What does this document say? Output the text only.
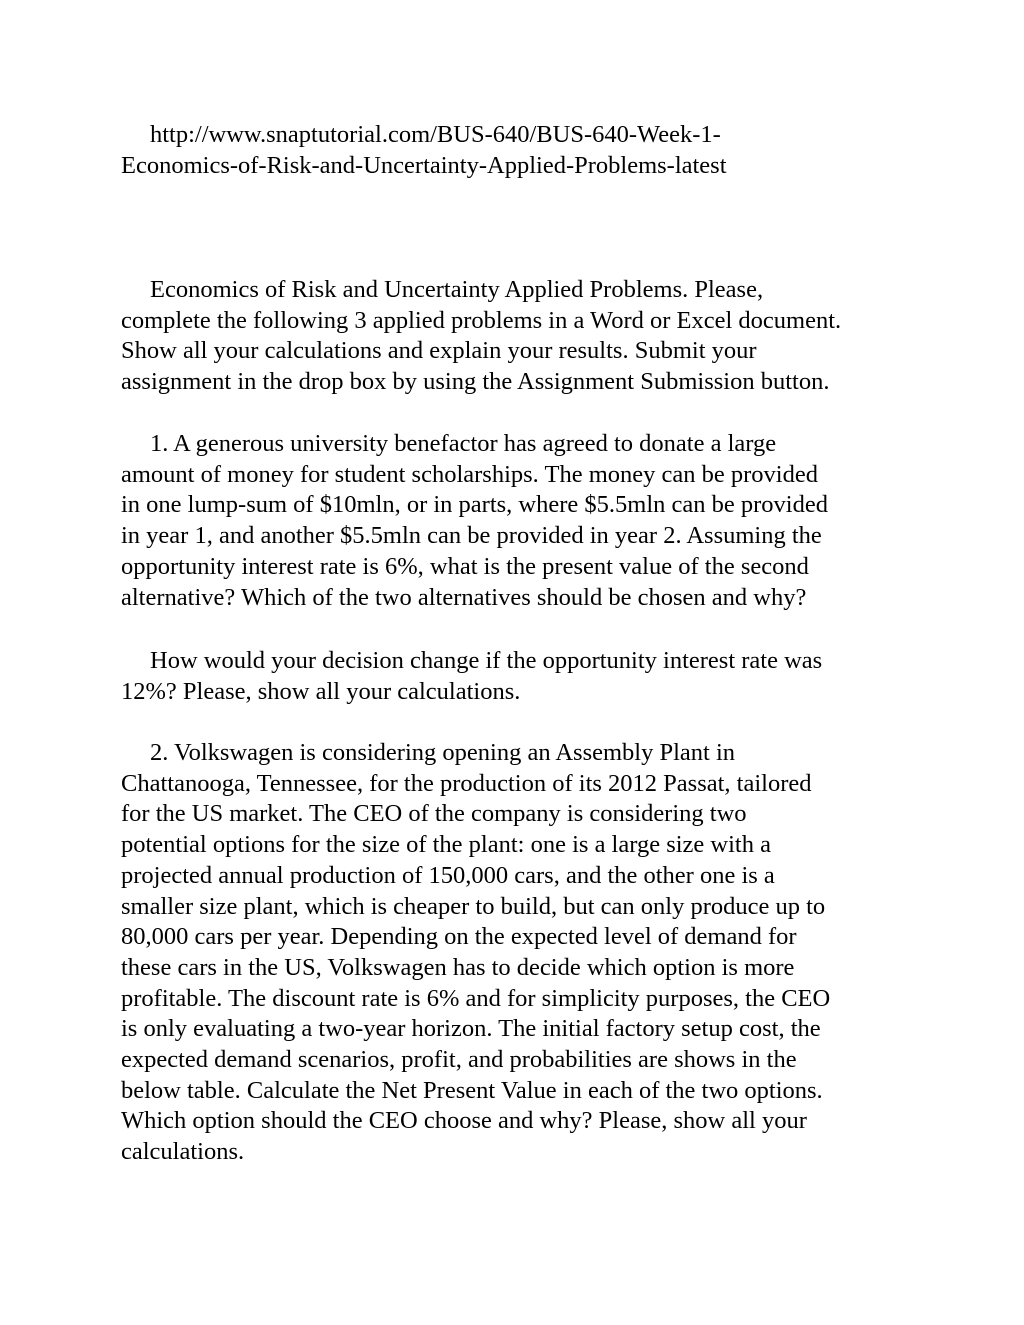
http://www.snaptutorial.com/BUS-640/BUS-640-Week-1-
Economics-of-Risk-and-Uncertainty-Applied-Problems-latest

Economics of Risk and Uncertainty Applied Problems. Please,
complete the following 3 applied problems in a Word or Excel document.
Show all your calculations and explain your results. Submit your
assignment in the drop box by using the Assignment Submission button.

1. A generous university benefactor has agreed to donate a large
amount of money for student scholarships. The money can be provided
in one lump-sum of $10mln, or in parts, where $5.5mln can be provided
in year 1, and another $5.5mln can be provided in year 2. Assuming the
opportunity interest rate is 6%, what is the present value of the second
alternative? Which of the two alternatives should be chosen and why?

How would your decision change if the opportunity interest rate was
12%? Please, show all your calculations.

2. Volkswagen is considering opening an Assembly Plant in
Chattanooga, Tennessee, for the production of its 2012 Passat, tailored
for the US market. The CEO of the company is considering two
potential options for the size of the plant: one is a large size with a
projected annual production of 150,000 cars, and the other one is a
smaller size plant, which is cheaper to build, but can only produce up to
80,000 cars per year. Depending on the expected level of demand for
these cars in the US, Volkswagen has to decide which option is more
profitable. The discount rate is 6% and for simplicity purposes, the CEO
is only evaluating a two-year horizon. The initial factory setup cost, the
expected demand scenarios, profit, and probabilities are shows in the
below table. Calculate the Net Present Value in each of the two options.
Which option should the CEO choose and why? Please, show all your
calculations.
